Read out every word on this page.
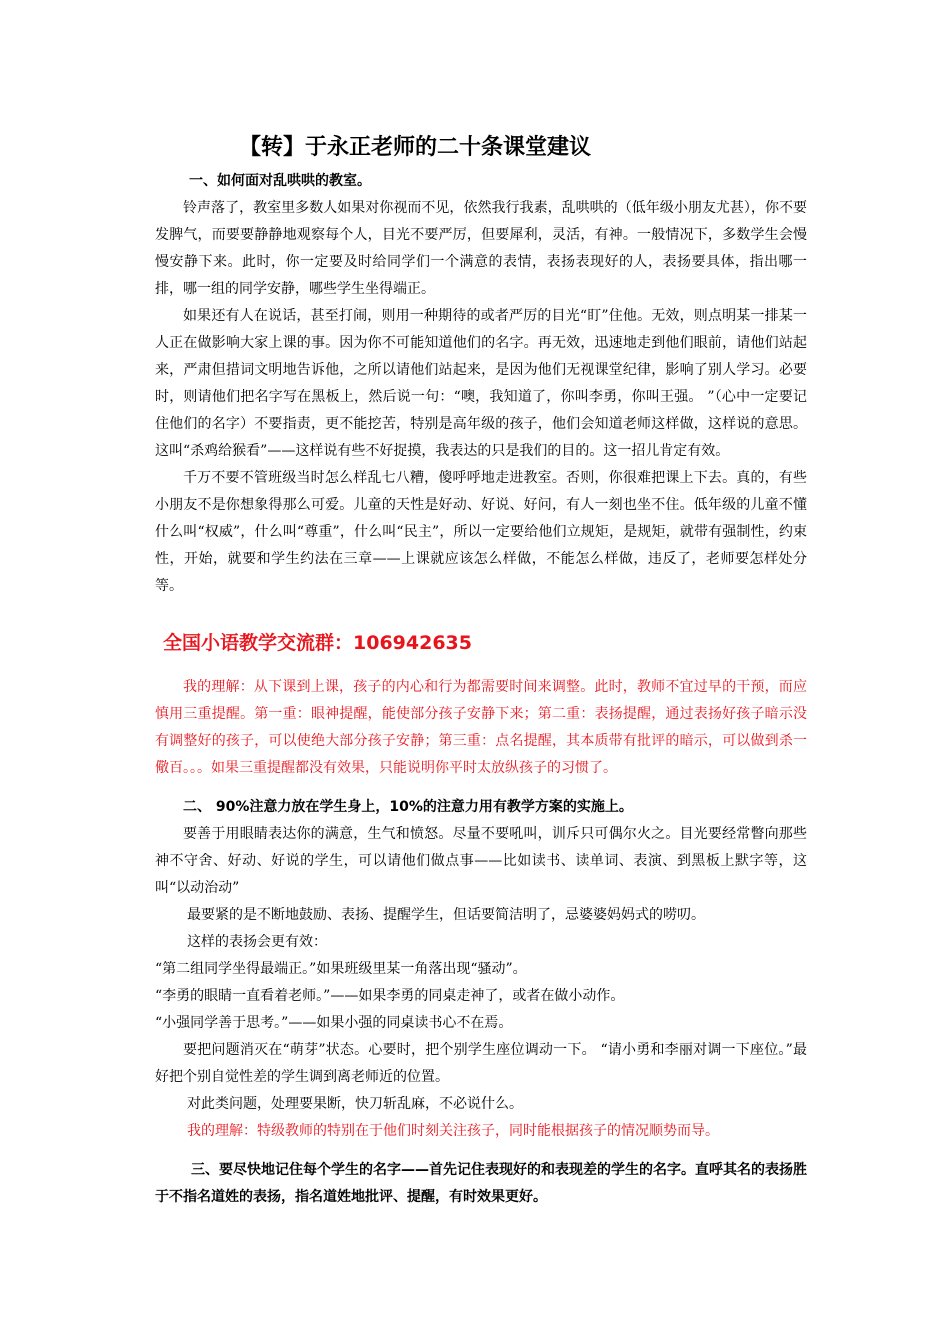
【转】于永正老师的二十条课堂建议

一、如何面对乱哄哄的教室。

铃声落了，教室里多数人如果对你视而不见，依然我行我素，乱哄哄的（低年级小朋友尤甚），你不要发脾气，而要要静静地观察每个人，目光不要严厉，但要犀利，灵活，有神。一般情况下，多数学生会慢慢安静下来。此时，你一定要及时给同学们一个满意的表情，表扬表现好的人，表扬要具体，指出哪一排，哪一组的同学安静，哪些学生坐得端正。

如果还有人在说话，甚至打闹，则用一种期待的或者严厉的目光“盯”住他。无效，则点明某一排某一人正在做影响大家上课的事。因为你不可能知道他们的名字。再无效，迅速地走到他们眼前，请他们站起来，严肃但措词文明地告诉他，之所以请他们站起来，是因为他们无视课堂纪律，影响了别人学习。必要时，则请他们把名字写在黑板上，然后说一句：“噢，我知道了，你叫李勇，你叫王强。 ”（心中一定要记住他们的名字）不要指责，更不能挖苦，特别是高年级的孩子，他们会知道老师这样做，这样说的意思。这叫“杀鸡给猴看”——这样说有些不好捉摸，我表达的只是我们的目的。这一招儿肯定有效。

千万不要不管班级当时怎么样乱七八糟，傻呼呼地走进教室。否则，你很难把课上下去。真的，有些小朋友不是你想象得那么可爱。儿童的天性是好动、好说、好问，有人一刻也坐不住。低年级的儿童不懂什么叫“权威”，什么叫“尊重”，什么叫“民主”，所以一定要给他们立规矩，是规矩，就带有强制性，约束性，开始，就要和学生约法在三章——上课就应该怎么样做，不能怎么样做，违反了，老师要怎样处分等。

全国小语教学交流群：106942635

我的理解：从下课到上课，孩子的内心和行为都需要时间来调整。此时，教师不宜过早的干预，而应慎用三重提醒。第一重：眼神提醒，能使部分孩子安静下来；第二重：表扬提醒，通过表扬好孩子暗示没有调整好的孩子，可以使绝大部分孩子安静；第三重：点名提醒，其本质带有批评的暗示，可以做到杀一儆百。。。如果三重提醒都没有效果，只能说明你平时太放纵孩子的习惯了。

二、 90%注意力放在学生身上，10%的注意力用有教学方案的实施上。

要善于用眼睛表达你的满意，生气和愤怒。尽量不要吼叫，训斥只可偶尔火之。目光要经常瞥向那些神不守舍、好动、好说的学生，可以请他们做点事——比如读书、读单词、表演、到黑板上默字等，这叫“以动治动”

最要紧的是不断地鼓励、表扬、提醒学生，但话要简洁明了，忌婆婆妈妈式的唠叨。

这样的表扬会更有效：

“第二组同学坐得最端正。”如果班级里某一角落出现“骚动”。

“李勇的眼睛一直看着老师。”——如果李勇的同桌走神了，或者在做小动作。

“小强同学善于思考。”——如果小强的同桌读书心不在焉。

要把问题消灭在“萌芽”状态。心要时，把个别学生座位调动一下。 “请小勇和李丽对调一下座位。”最好把个别自觉性差的学生调到离老师近的位置。

对此类问题，处理要果断，快刀斩乱麻，不必说什么。

我的理解：特级教师的特别在于他们时刻关注孩子，同时能根据孩子的情况顺势而导。

三、要尽快地记住每个学生的名字——首先记住表现好的和表现差的学生的名字。直呼其名的表扬胜于不指名道姓的表扬，指名道姓地批评、提醒，有时效果更好。
